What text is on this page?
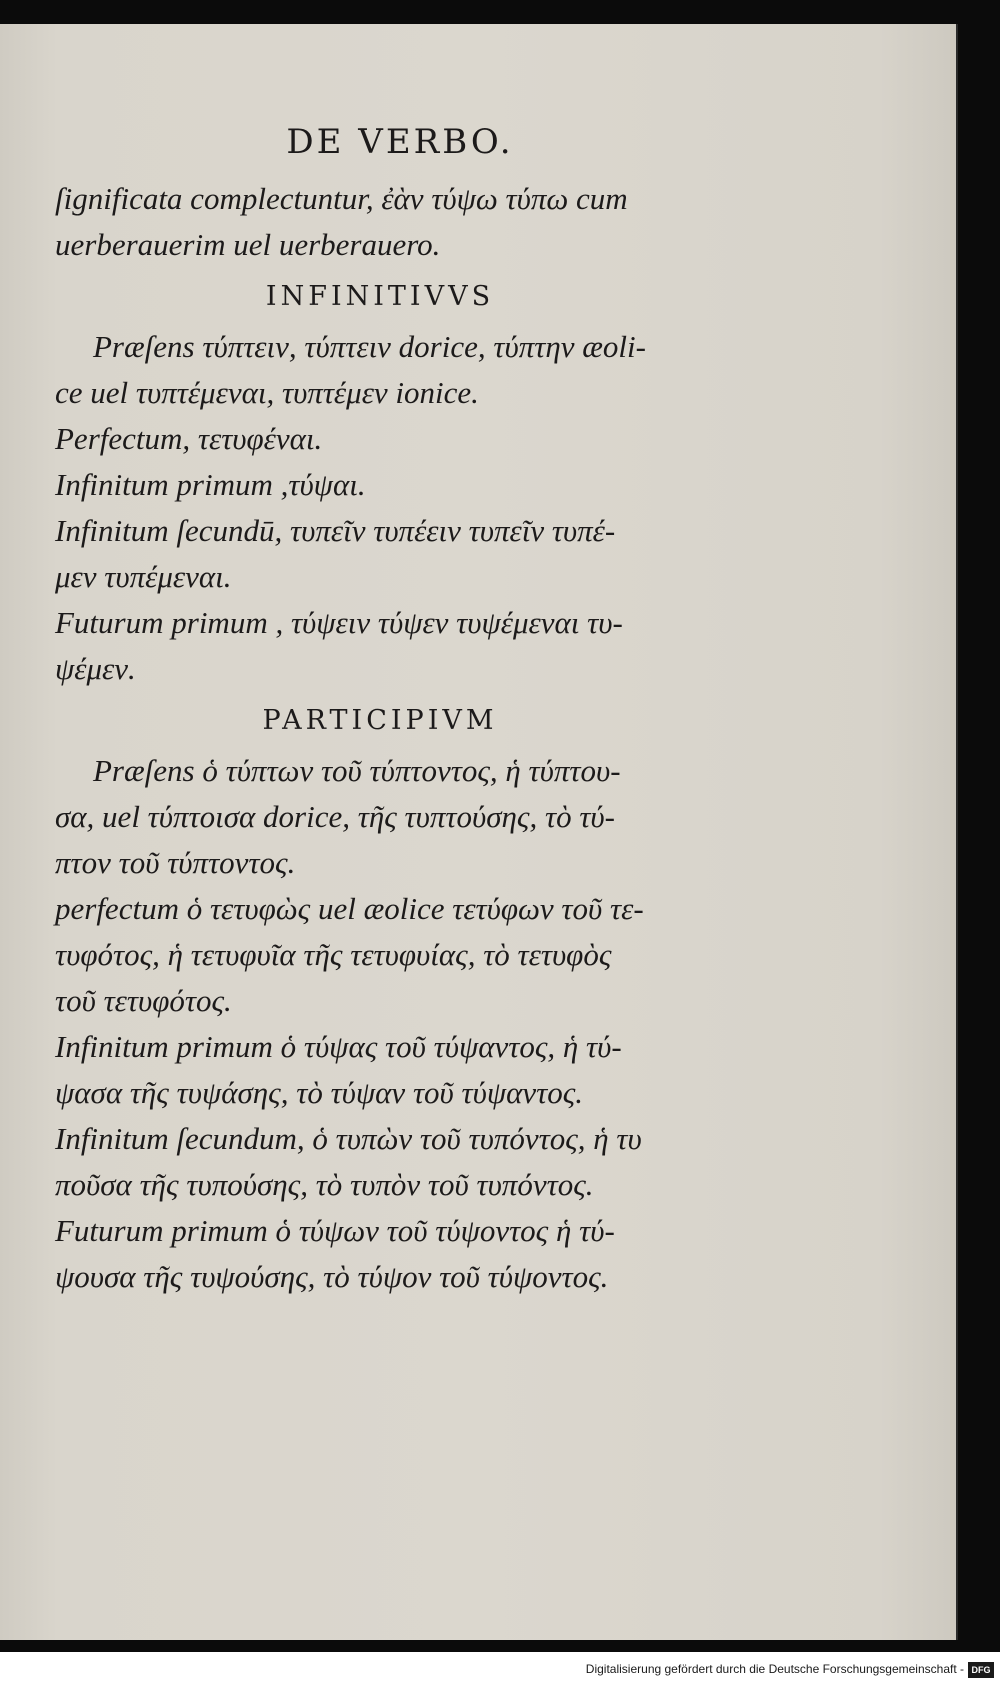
DE VERBO.

ſignificata complectuntur, ἐὰν τύψω τύπω cum

uerberauerim uel uerberauero.

INFINITIVVS

Præſens τύπτειν, τύπτειν dorice, τύπτην æoli-

ce uel τυπτέμεναι, τυπτέμεν ionice.

Perfectum, τετυφέναι.

Infinitum primum ,τύψαι.

Infinitum ſecundū, τυπεῖν τυπέειν τυπεῖν τυπέ-

μεν τυπέμεναι.

Futurum primum , τύψειν τύψεν τυψέμεναι τυ-

ψέμεν.

PARTICIPIVM

Præſens ὁ τύπτων τοῦ τύπτοντος, ἡ τύπτου-

σα, uel τύπτοισα dorice, τῆς τυπτούσης, τὸ τύ-

πτον τοῦ τύπτοντος.

perfectum ὁ τετυφὼς uel æolice τετύφων τοῦ τε-

τυφότος, ἡ τετυφυῖα τῆς τετυφυίας, τὸ τετυφὸς

τοῦ τετυφότος.

Infinitum primum ὁ τύψας τοῦ τύψαντος, ἡ τύ-

ψασα τῆς τυψάσης, τὸ τύψαν τοῦ τύψαντος.

Infinitum ſecundum, ὁ τυπὼν τοῦ τυπόντος, ἡ τυ

ποῦσα τῆς τυπούσης, τὸ τυπὸν τοῦ τυπόντος.

Futurum primum ὁ τύψων τοῦ τύψοντος ἡ τύ-

ψουσα τῆς τυψούσης, τὸ τύψον τοῦ τύψοντος.

Digitalisierung gefördert durch die Deutsche Forschungsgemeinschaft - DFG
